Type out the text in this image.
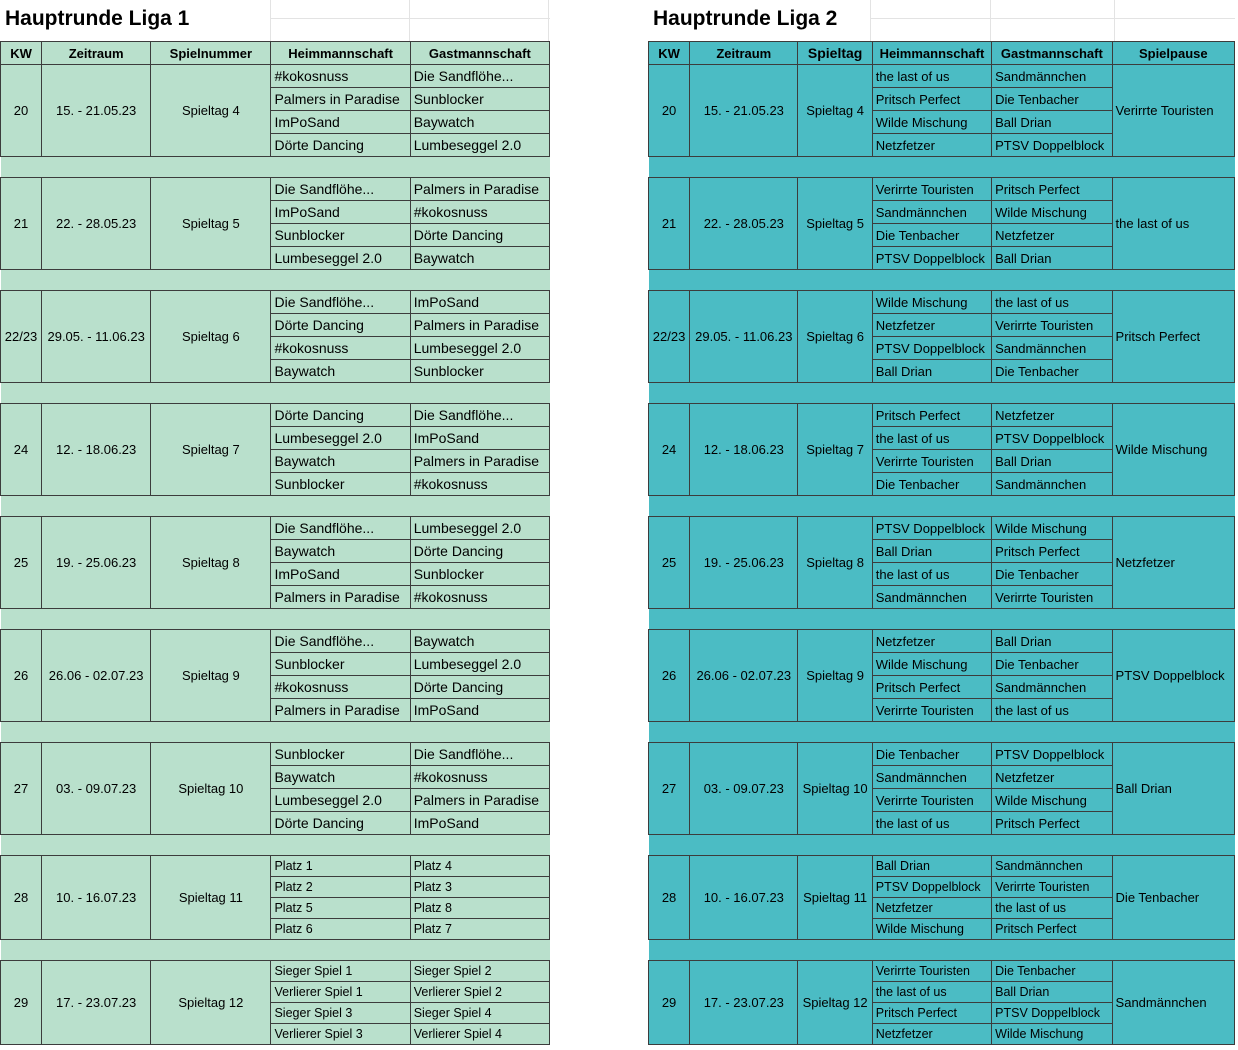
Hauptrunde Liga 1
KW	Zeitraum	Spielnummer	Heimmannschaft	Gastmannschaft
20	15. - 21.05.23	Spieltag 4	#kokosnuss	Die Sandflöhe...
			Palmers in Paradise	Sunblocker
			ImPoSand	Baywatch
			Dörte Dancing	Lumbeseggel 2.0

21	22. - 28.05.23	Spieltag 5	Die Sandflöhe...	Palmers in Paradise
			ImPoSand	#kokosnuss
			Sunblocker	Dörte Dancing
			Lumbeseggel 2.0	Baywatch

22/23	29.05. - 11.06.23	Spieltag 6	Die Sandflöhe...	ImPoSand
			Dörte Dancing	Palmers in Paradise
			#kokosnuss	Lumbeseggel 2.0
			Baywatch	Sunblocker

24	12. - 18.06.23	Spieltag 7	Dörte Dancing	Die Sandflöhe...
			Lumbeseggel 2.0	ImPoSand
			Baywatch	Palmers in Paradise
			Sunblocker	#kokosnuss

25	19. - 25.06.23	Spieltag 8	Die Sandflöhe...	Lumbeseggel 2.0
			Baywatch	Dörte Dancing
			ImPoSand	Sunblocker
			Palmers in Paradise	#kokosnuss

26	26.06 - 02.07.23	Spieltag 9	Die Sandflöhe...	Baywatch
			Sunblocker	Lumbeseggel 2.0
			#kokosnuss	Dörte Dancing
			Palmers in Paradise	ImPoSand

27	03. - 09.07.23	Spieltag 10	Sunblocker	Die Sandflöhe...
			Baywatch	#kokosnuss
			Lumbeseggel 2.0	Palmers in Paradise
			Dörte Dancing	ImPoSand

28	10. - 16.07.23	Spieltag 11	Platz 1	Platz 4
			Platz 2	Platz 3
			Platz 5	Platz 8
			Platz 6	Platz 7

29	17. - 23.07.23	Spieltag 12	Sieger Spiel 1	Sieger Spiel 2
			Verlierer Spiel 1	Verlierer Spiel 2
			Sieger Spiel 3	Sieger Spiel 4
			Verlierer Spiel 3	Verlierer Spiel 4
Hauptrunde Liga 2
KW	Zeitraum	Spieltag	Heimmannschaft	Gastmannschaft	Spielpause
20	15. - 21.05.23	Spieltag 4	the last of us	Sandmännchen	Verirrte Touristen
			Pritsch Perfect	Die Tenbacher	
			Wilde Mischung	Ball Drian	
			Netzfetzer	PTSV Doppelblock	

21	22. - 28.05.23	Spieltag 5	Verirrte Touristen	Pritsch Perfect	the last of us
			Sandmännchen	Wilde Mischung	
			Die Tenbacher	Netzfetzer	
			PTSV Doppelblock	Ball Drian	

22/23	29.05. - 11.06.23	Spieltag 6	Wilde Mischung	the last of us	Pritsch Perfect
			Netzfetzer	Verirrte Touristen	
			PTSV Doppelblock	Sandmännchen	
			Ball Drian	Die Tenbacher	

24	12. - 18.06.23	Spieltag 7	Pritsch Perfect	Netzfetzer	Wilde Mischung
			the last of us	PTSV Doppelblock	
			Verirrte Touristen	Ball Drian	
			Die Tenbacher	Sandmännchen	

25	19. - 25.06.23	Spieltag 8	PTSV Doppelblock	Wilde Mischung	Netzfetzer
			Ball Drian	Pritsch Perfect	
			the last of us	Die Tenbacher	
			Sandmännchen	Verirrte Touristen	

26	26.06 - 02.07.23	Spieltag 9	Netzfetzer	Ball Drian	PTSV Doppelblock
			Wilde Mischung	Die Tenbacher	
			Pritsch Perfect	Sandmännchen	
			Verirrte Touristen	the last of us	

27	03. - 09.07.23	Spieltag 10	Die Tenbacher	PTSV Doppelblock	Ball Drian
			Sandmännchen	Netzfetzer	
			Verirrte Touristen	Wilde Mischung	
			the last of us	Pritsch Perfect	

28	10. - 16.07.23	Spieltag 11	Ball Drian	Sandmännchen	Die Tenbacher
			PTSV Doppelblock	Verirrte Touristen	
			Netzfetzer	the last of us	
			Wilde Mischung	Pritsch Perfect	

29	17. - 23.07.23	Spieltag 12	Verirrte Touristen	Die Tenbacher	Sandmännchen
			the last of us	Ball Drian	
			Pritsch Perfect	PTSV Doppelblock	
			Netzfetzer	Wilde Mischung	
